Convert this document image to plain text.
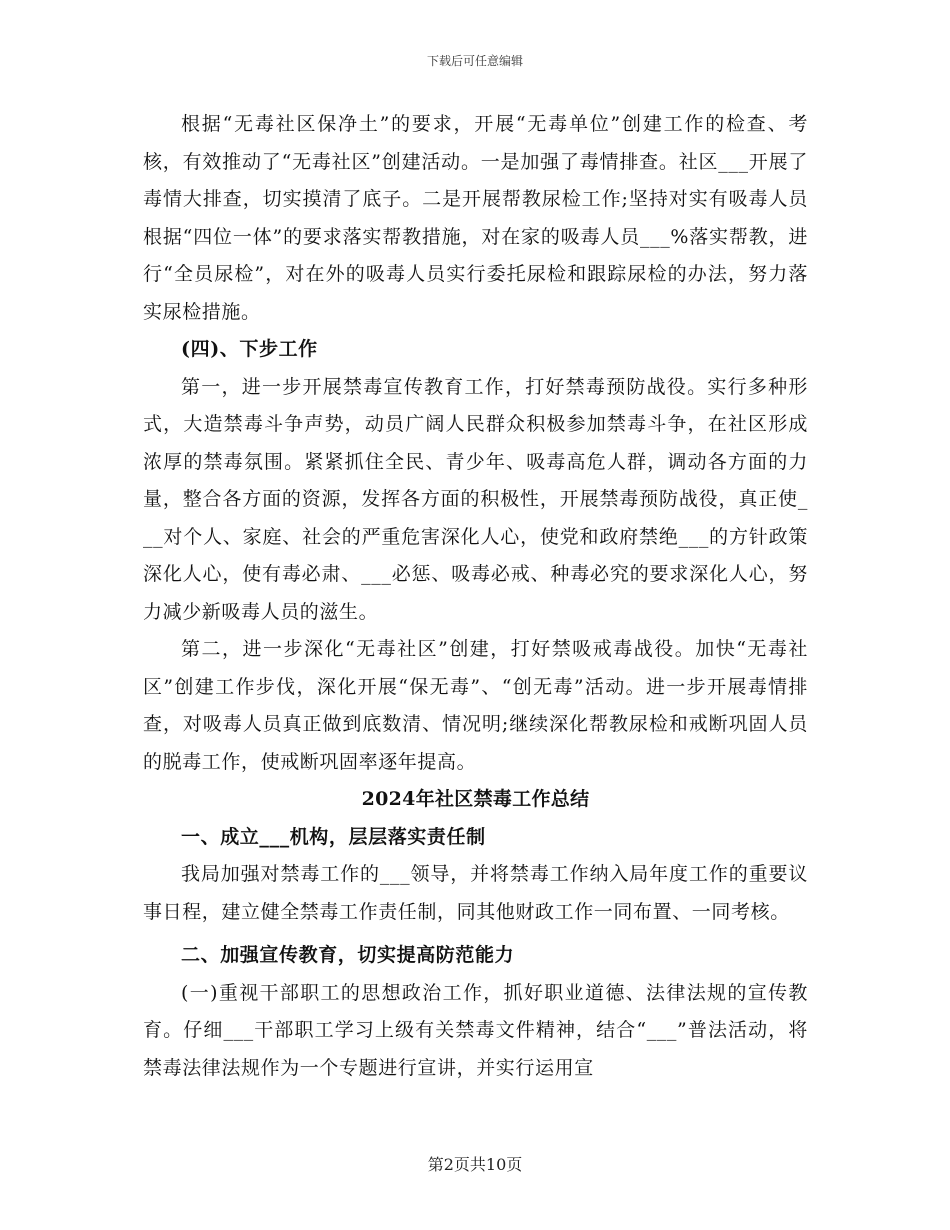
下载后可任意编辑

根据“无毒社区保净土”的要求，开展“无毒单位”创建工作的检查、考核，有效推动了“无毒社区”创建活动。一是加强了毒情排查。社区___开展了毒情大排查，切实摸清了底子。二是开展帮教尿检工作;坚持对实有吸毒人员根据“四位一体”的要求落实帮教措施，对在家的吸毒人员___%落实帮教，进行“全员尿检”，对在外的吸毒人员实行委托尿检和跟踪尿检的办法，努力落实尿检措施。

(四)、下步工作

第一，进一步开展禁毒宣传教育工作，打好禁毒预防战役。实行多种形式，大造禁毒斗争声势，动员广阔人民群众积极参加禁毒斗争，在社区形成浓厚的禁毒氛围。紧紧抓住全民、青少年、吸毒高危人群，调动各方面的力量，整合各方面的资源，发挥各方面的积极性，开展禁毒预防战役，真正使___对个人、家庭、社会的严重危害深化人心，使党和政府禁绝___的方针政策深化人心，使有毒必肃、___必惩、吸毒必戒、种毒必究的要求深化人心，努力减少新吸毒人员的滋生。

第二，进一步深化“无毒社区”创建，打好禁吸戒毒战役。加快“无毒社区”创建工作步伐，深化开展“保无毒”、“创无毒”活动。进一步开展毒情排查，对吸毒人员真正做到底数清、情况明;继续深化帮教尿检和戒断巩固人员的脱毒工作，使戒断巩固率逐年提高。

2024年社区禁毒工作总结

一、成立___机构，层层落实责任制

我局加强对禁毒工作的___领导，并将禁毒工作纳入局年度工作的重要议事日程，建立健全禁毒工作责任制，同其他财政工作一同布置、一同考核。

二、加强宣传教育，切实提高防范能力

(一)重视干部职工的思想政治工作，抓好职业道德、法律法规的宣传教育。仔细___干部职工学习上级有关禁毒文件精神，结合“___”普法活动，将禁毒法律法规作为一个专题进行宣讲，并实行运用宣

第2页共10页
